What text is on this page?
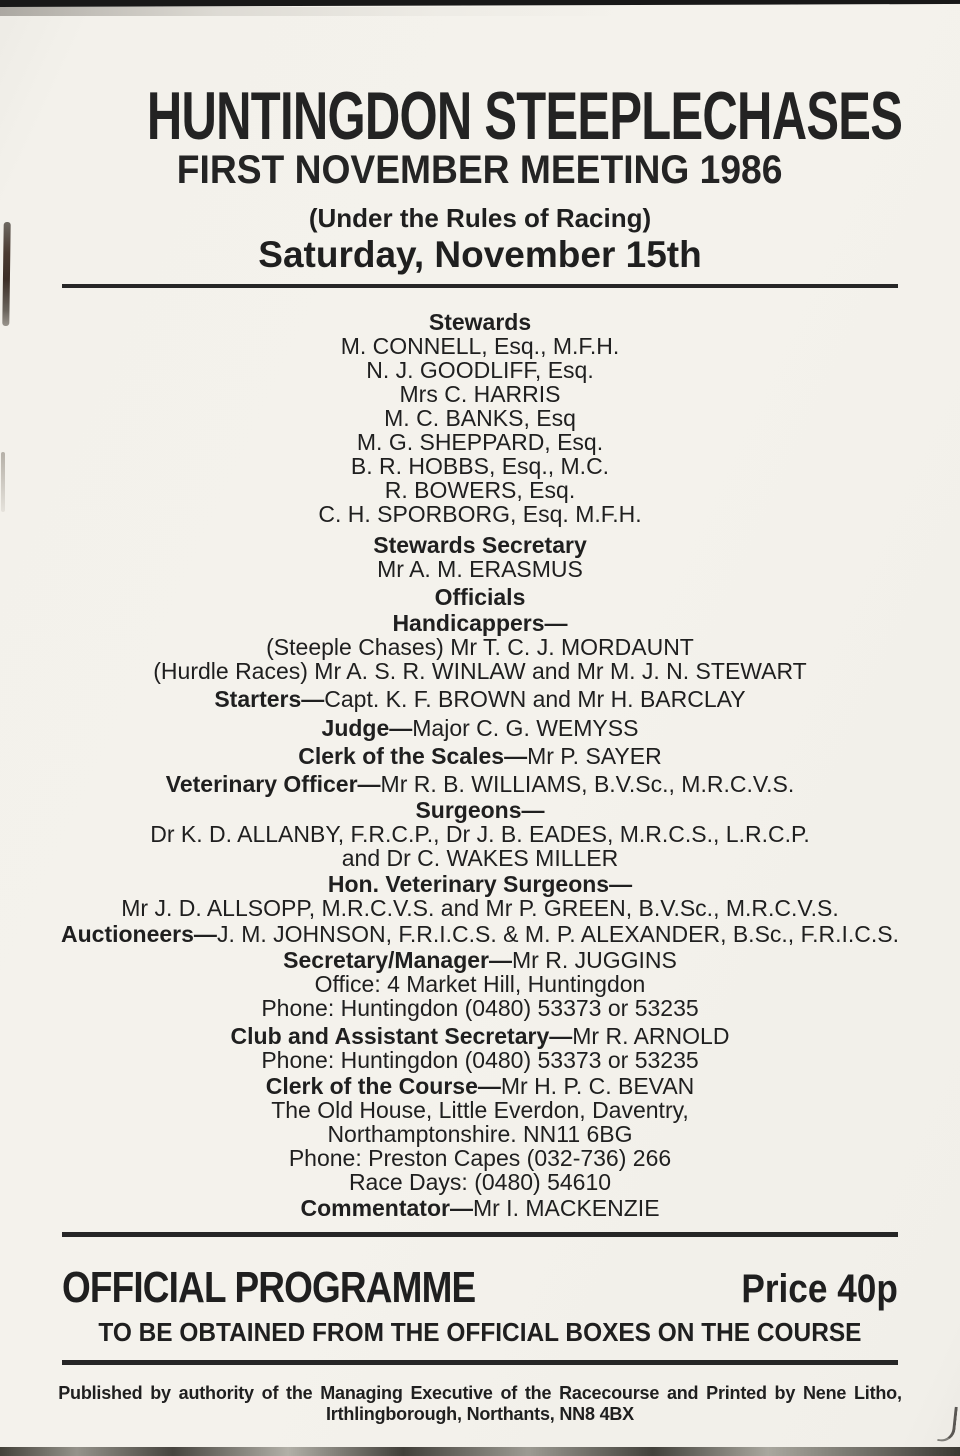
HUNTINGDON STEEPLECHASES
FIRST NOVEMBER MEETING 1986

(Under the Rules of Racing)

Saturday, November 15th

Stewards

M. CONNELL, Esq., M.F.H.

N. J. GOODLIFF, Esq.

Mrs C. HARRIS

M. C. BANKS, Esq

M. G. SHEPPARD, Esq.

B. R. HOBBS, Esq., M.C.

R. BOWERS, Esq.

C. H. SPORBORG, Esq. M.F.H.

Stewards Secretary

Mr A. M. ERASMUS

Officials

Handicappers—

(Steeple Chases) Mr T. C. J. MORDAUNT

(Hurdle Races) Mr A. S. R. WINLAW and Mr M. J. N. STEWART

Starters—Capt. K. F. BROWN and Mr H. BARCLAY

Judge—Major C. G. WEMYSS

Clerk of the Scales—Mr P. SAYER

Veterinary Officer—Mr R. B. WILLIAMS, B.V.Sc., M.R.C.V.S.

Surgeons—

Dr K. D. ALLANBY, F.R.C.P., Dr J. B. EADES, M.R.C.S., L.R.C.P.

and Dr C. WAKES MILLER

Hon. Veterinary Surgeons—

Mr J. D. ALLSOPP, M.R.C.V.S. and Mr P. GREEN, B.V.Sc., M.R.C.V.S.

Auctioneers—J. M. JOHNSON, F.R.I.C.S. & M. P. ALEXANDER, B.Sc., F.R.I.C.S.

Secretary/Manager—Mr R. JUGGINS

Office: 4 Market Hill, Huntingdon

Phone: Huntingdon (0480) 53373 or 53235

Club and Assistant Secretary—Mr R. ARNOLD

Phone: Huntingdon (0480) 53373 or 53235

Clerk of the Course—Mr H. P. C. BEVAN

The Old House, Little Everdon, Daventry,

Northamptonshire. NN11 6BG

Phone: Preston Capes (032-736) 266

Race Days: (0480) 54610

Commentator—Mr I. MACKENZIE

OFFICIAL PROGRAMME	Price 40p

TO BE OBTAINED FROM THE OFFICIAL BOXES ON THE COURSE

Published by authority of the Managing Executive of the Racecourse and Printed by Nene Litho,
Irthlingborough, Northants, NN8 4BX
